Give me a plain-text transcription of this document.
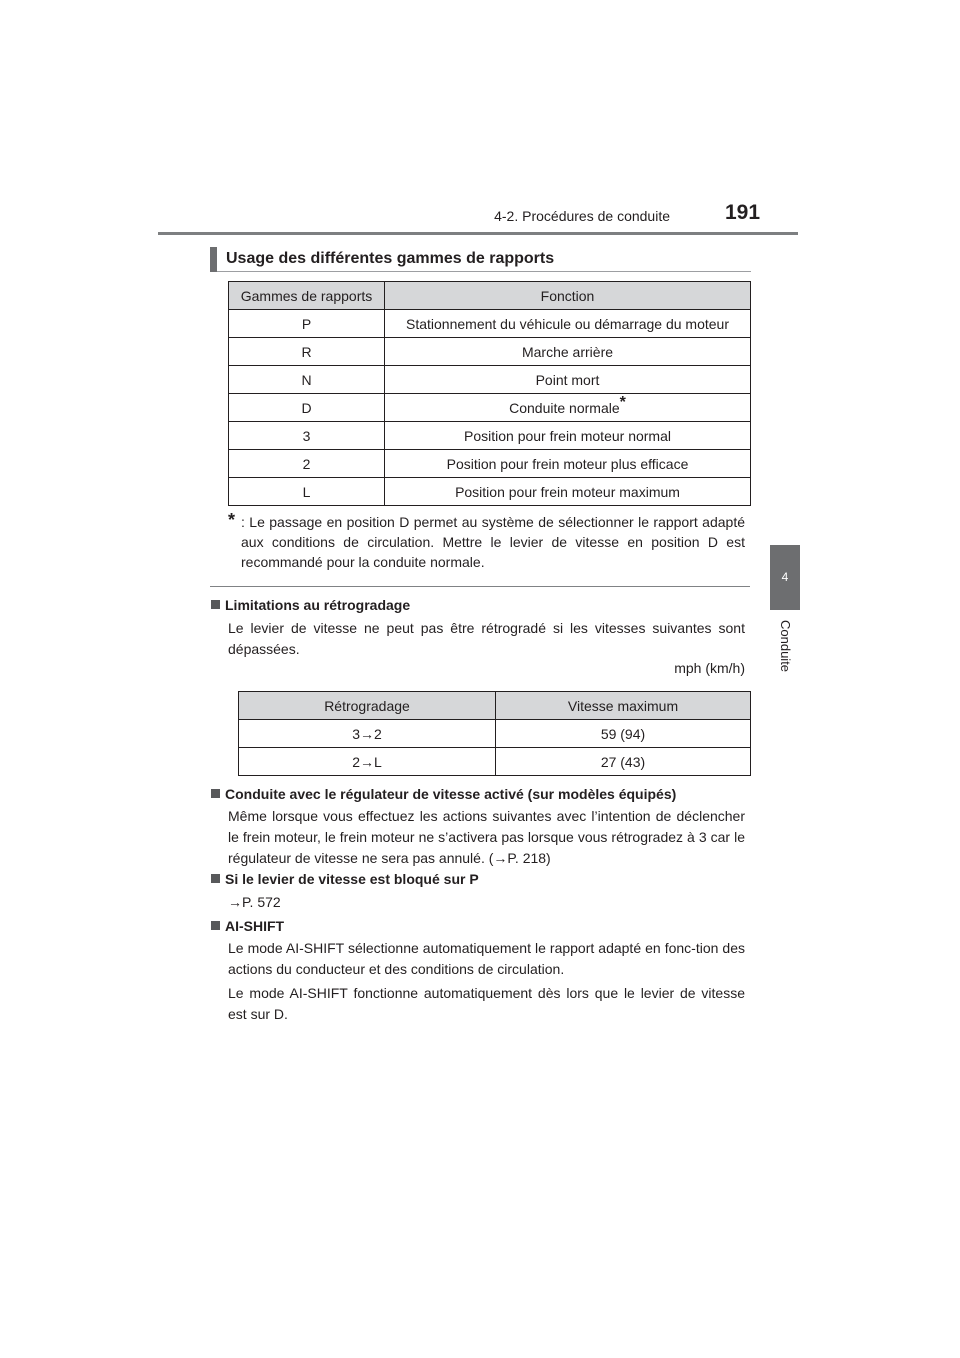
4-2. Procédures de conduite	191
4
Conduite
Usage des différentes gammes de rapports
Gammes de rapports	Fonction
P	Stationnement du véhicule ou démarrage du moteur
R	Marche arrière
N	Point mort
D	Conduite normale*
3	Position pour frein moteur normal
2	Position pour frein moteur plus efficace
L	Position pour frein moteur maximum
* : Le passage en position D permet au système de sélectionner le rapport adapté aux conditions de circulation. Mettre le levier de vitesse en position D est recommandé pour la conduite normale.
Limitations au rétrogradage
Le levier de vitesse ne peut pas être rétrogradé si les vitesses suivantes sont dépassées.
mph (km/h)
Rétrogradage	Vitesse maximum
3→2	59 (94)
2→L	27 (43)
Conduite avec le régulateur de vitesse activé (sur modèles équipés)
Même lorsque vous effectuez les actions suivantes avec l’intention de déclencher le frein moteur, le frein moteur ne s’activera pas lorsque vous rétrogradez à 3 car le régulateur de vitesse ne sera pas annulé. (→P. 218)
Si le levier de vitesse est bloqué sur P
→P. 572
AI-SHIFT
Le mode AI-SHIFT sélectionne automatiquement le rapport adapté en fonc-tion des actions du conducteur et des conditions de circulation.
Le mode AI-SHIFT fonctionne automatiquement dès lors que le levier de vitesse est sur D.
